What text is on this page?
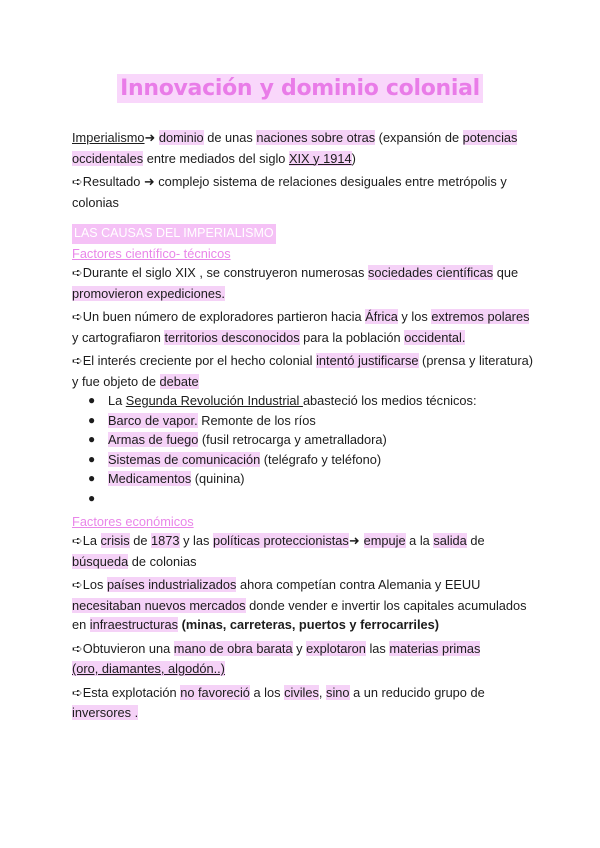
Innovación y dominio colonial

Imperialismo➜ dominio de unas naciones sobre otras (expansión de potencias occidentales entre mediados del siglo XIX y 1914)

➪Resultado ➜ complejo sistema de relaciones desiguales entre metrópolis y colonias

LAS CAUSAS DEL IMPERIALISMO
Factores científico- técnicos

➪Durante el siglo XIX , se construyeron numerosas sociedades científicas que promovieron expediciones.

➪Un buen número de exploradores partieron hacia África y los extremos polares y cartografiaron territorios desconocidos para la población occidental.

➪El interés creciente por el hecho colonial intentó justificarse (prensa y literatura) y fue objeto de debate

● La Segunda Revolución Industrial abasteció los medios técnicos:
● Barco de vapor. Remonte de los ríos
● Armas de fuego (fusil retrocarga y ametralladora)
● Sistemas de comunicación (telégrafo y teléfono)
● Medicamentos (quinina)
●
Factores económicos

➪La crisis de 1873 y las políticas proteccionistas➜ empuje a la salida de búsqueda de colonias

➪Los países industrializados ahora competían contra Alemania y EEUU necesitaban nuevos mercados donde vender e invertir los capitales acumulados en infraestructuras (minas, carreteras, puertos y ferrocarriles)

➪Obtuvieron una mano de obra barata y explotaron las materias primas
(oro, diamantes, algodón..)

➪Esta explotación no favoreció a los civiles, sino a un reducido grupo de inversores .
